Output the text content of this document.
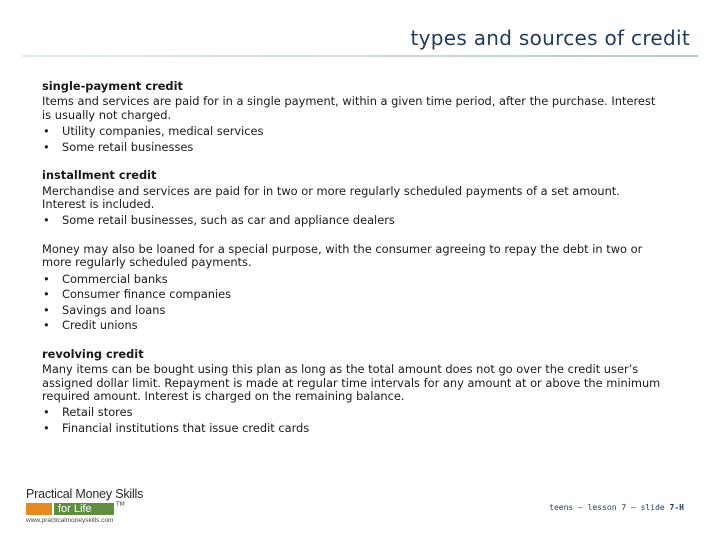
types and sources of credit
single-payment credit

Items and services are paid for in a single payment, within a given time period, after the purchase. Interest is usually not charged.

• Utility companies, medical services
• Some retail businesses
installment credit

Merchandise and services are paid for in two or more regularly scheduled payments of a set amount. Interest is included.

• Some retail businesses, such as car and appliance dealers

Money may also be loaned for a special purpose, with the consumer agreeing to repay the debt in two or more regularly scheduled payments.

• Commercial banks
• Consumer finance companies
• Savings and loans
• Credit unions
revolving credit

Many items can be bought using this plan as long as the total amount does not go over the credit user’s assigned dollar limit. Repayment is made at regular time intervals for any amount at or above the minimum required amount. Interest is charged on the remaining balance.

• Retail stores
• Financial institutions that issue credit cards
Practical Money Skills
for Life	TM
www.practicalmoneyskills.com
teens – lesson 7 – slide 7-H
